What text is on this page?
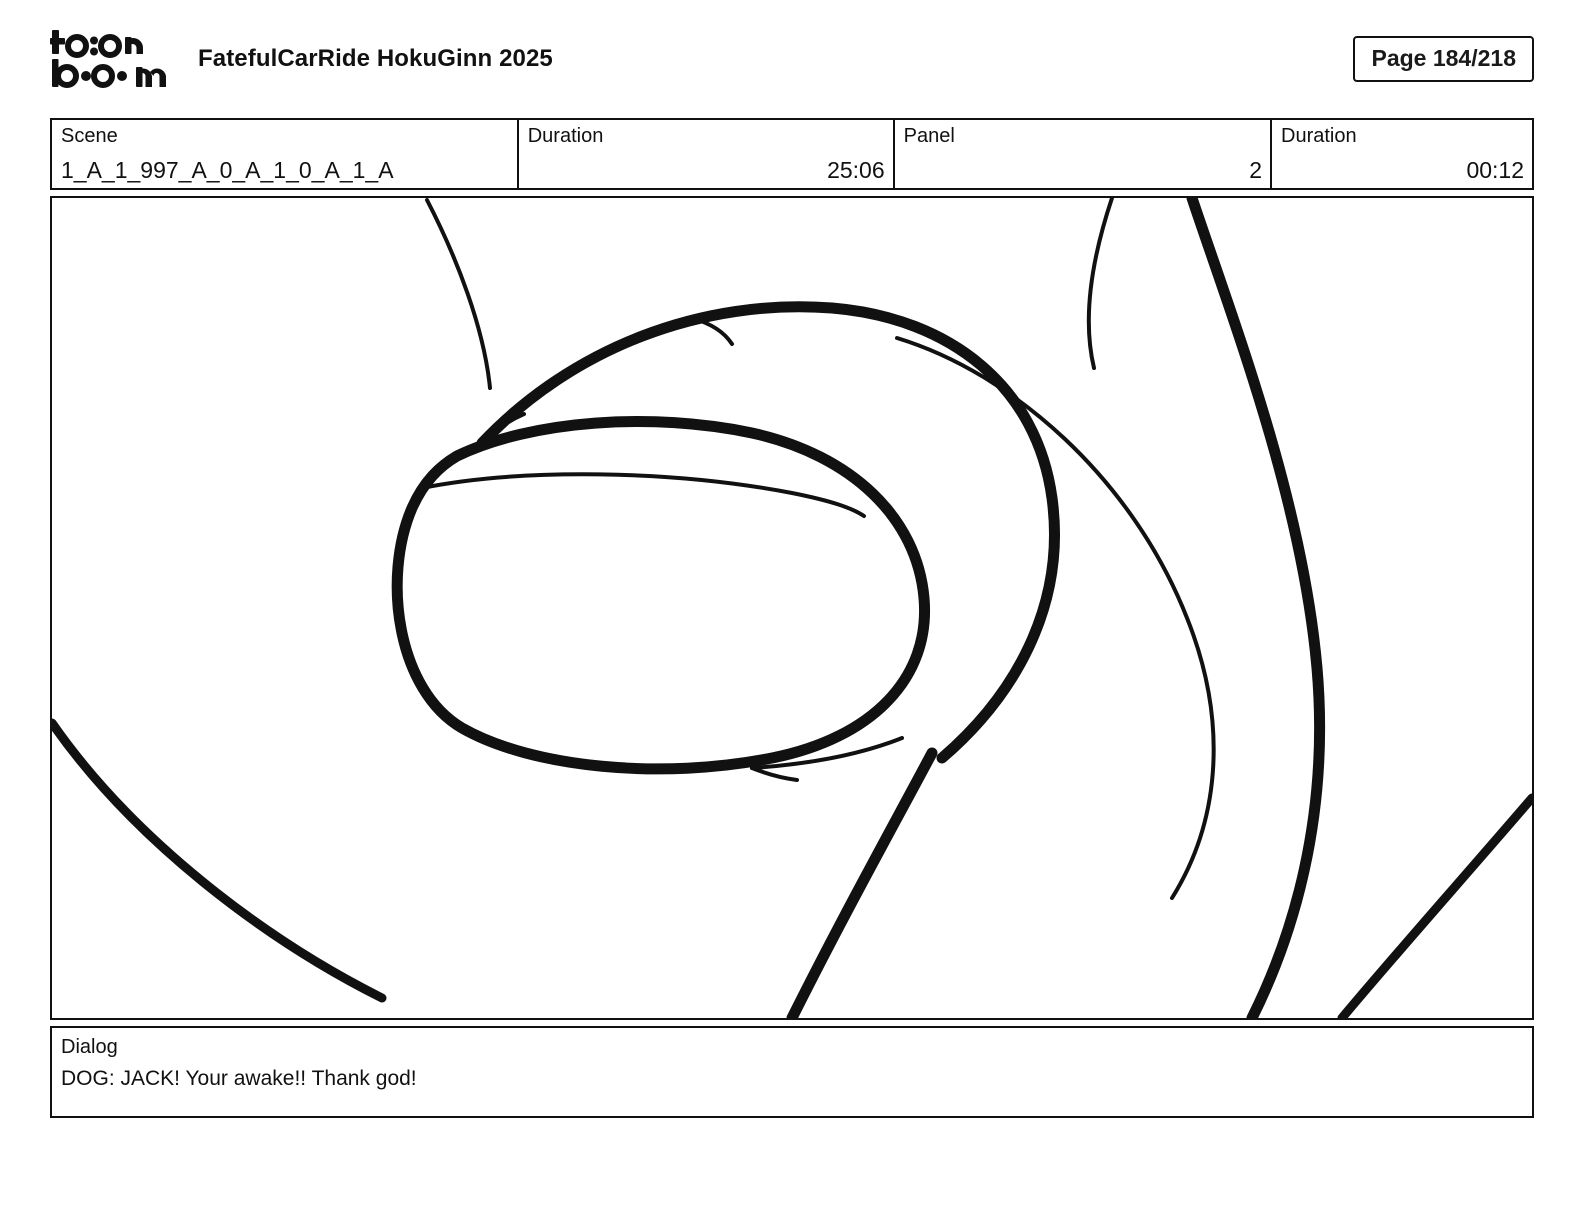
FatefulCarRide HokuGinn 2025	Page 184/218
Scene
1_A_1_997_A_0_A_1_0_A_1_A
Duration
25:06
Panel
2
Duration
00:12
Dialog
DOG: JACK! Your awake!! Thank god!
